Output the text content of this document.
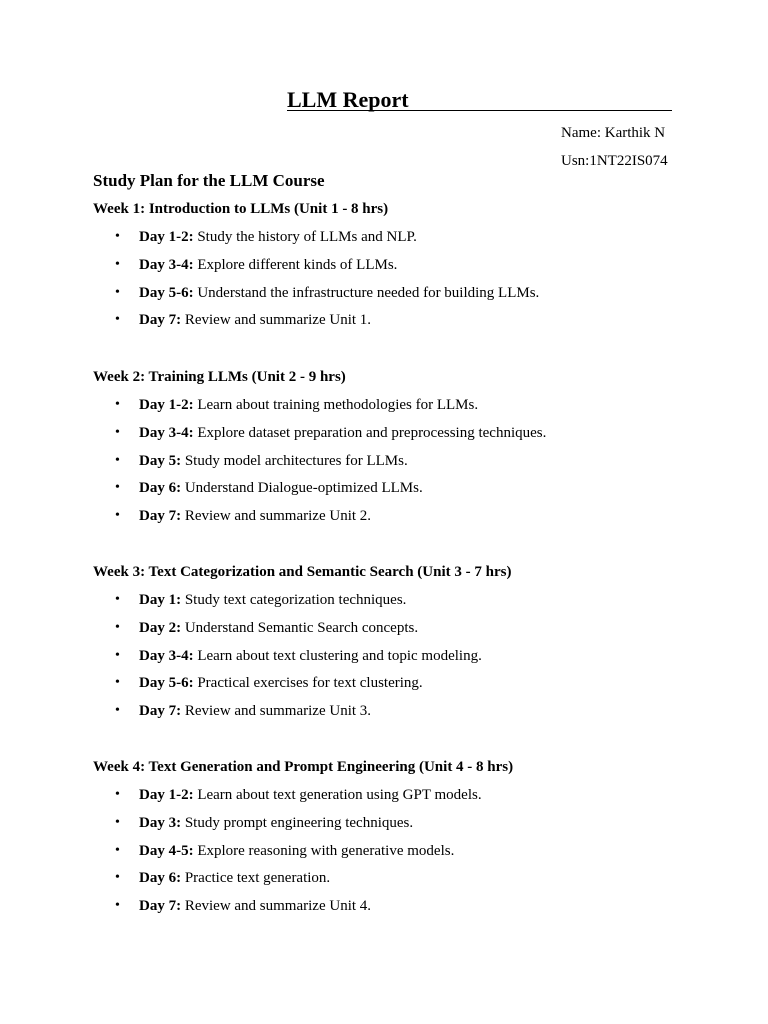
LLM Report
Name: Karthik N
Usn:1NT22IS074
Study Plan for the LLM Course
Week 1: Introduction to LLMs (Unit 1 - 8 hrs)
• Day 1-2: Study the history of LLMs and NLP.
• Day 3-4: Explore different kinds of LLMs.
• Day 5-6: Understand the infrastructure needed for building LLMs.
• Day 7: Review and summarize Unit 1.
Week 2: Training LLMs (Unit 2 - 9 hrs)
• Day 1-2: Learn about training methodologies for LLMs.
• Day 3-4: Explore dataset preparation and preprocessing techniques.
• Day 5: Study model architectures for LLMs.
• Day 6: Understand Dialogue-optimized LLMs.
• Day 7: Review and summarize Unit 2.
Week 3: Text Categorization and Semantic Search (Unit 3 - 7 hrs)
• Day 1: Study text categorization techniques.
• Day 2: Understand Semantic Search concepts.
• Day 3-4: Learn about text clustering and topic modeling.
• Day 5-6: Practical exercises for text clustering.
• Day 7: Review and summarize Unit 3.
Week 4: Text Generation and Prompt Engineering (Unit 4 - 8 hrs)
• Day 1-2: Learn about text generation using GPT models.
• Day 3: Study prompt engineering techniques.
• Day 4-5: Explore reasoning with generative models.
• Day 6: Practice text generation.
• Day 7: Review and summarize Unit 4.
